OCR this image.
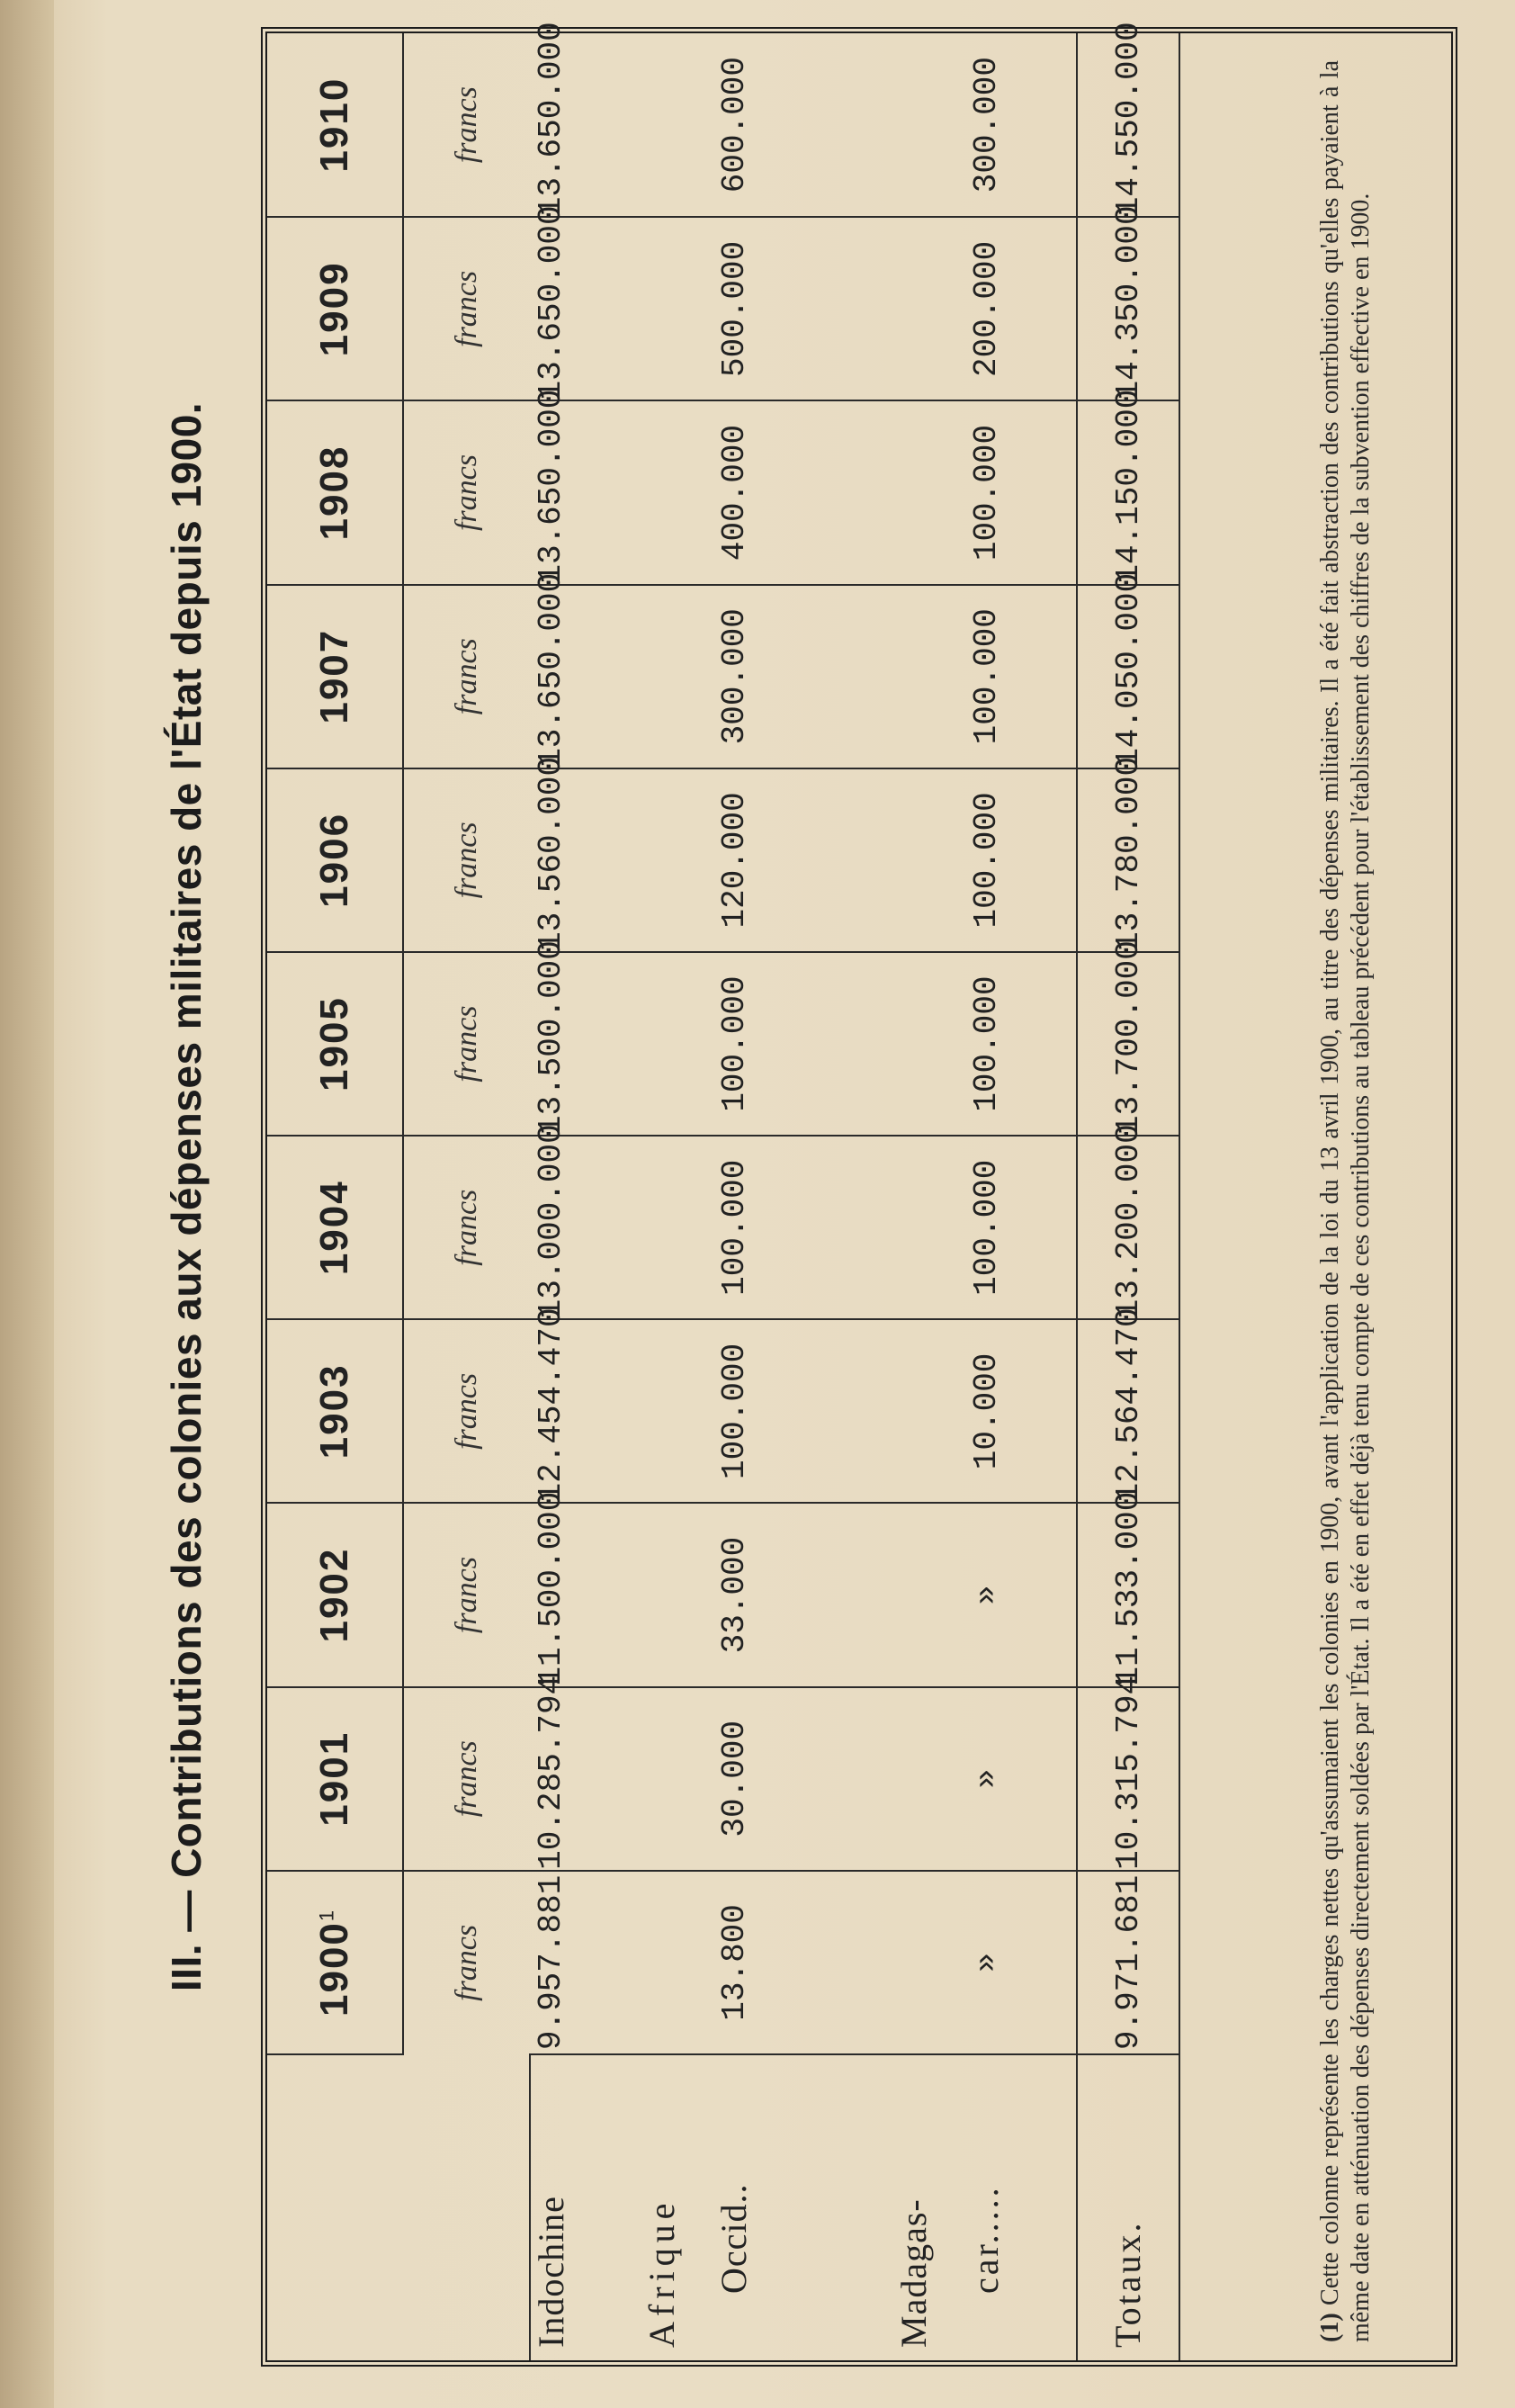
III. — Contributions des colonies aux dépenses militaires de l'État depuis 1900.
		1900$^1$	1901	1902	1903	1904	1905	1906	1907	1908	1909	1910
	francs	francs	francs	francs	francs	francs	francs	francs	francs	francs	francs
Indochine	9.957.881	10.285.794	11.500.000	12.454.470	13.000.000	13.500.000	13.560.000	13.650.000	13.650.000	13.650.000	13.650.000

Afrique Occid..	13.800	30.000	33.000	100.000	100.000	100.000	120.000	300.000	400.000	500.000	600.000

Madagas- car.....	»	»	»	10.000	100.000	100.000	100.000	100.000	100.000	200.000	300.000
Totaux.	9.971.681	10.315.794	11.533.000	12.564.470	13.200.000	13.700.000	13.780.000	14.050.000	14.150.000	14.350.000	14.550.000
(1) Cette colonne représente les charges nettes qu'assumaient les colonies en 1900, avant l'application de la loi du 13 avril 1900, au titre des dépenses militaires. Il a été fait abstraction des contributions qu'elles payaient à la même date en atténuation des dépenses directement soldées par l'État. Il a été en effet déjà tenu compte de ces contributions au tableau précédent pour l'établissement des chiffres de la subvention effective en 1900.
